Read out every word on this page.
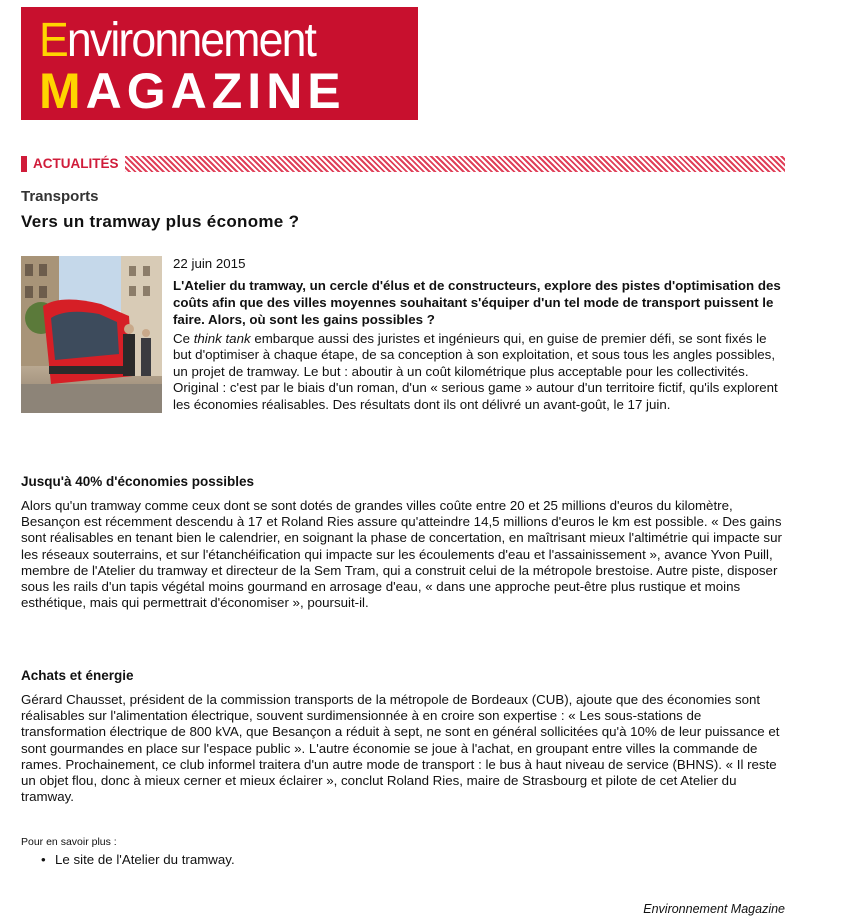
Environnement
MAGAZINE
ACTUALITÉS
Transports
Vers un tramway plus économe ?

22 juin 2015

L'Atelier du tramway, un cercle d'élus et de constructeurs, explore des pistes d'optimisation des coûts afin que des villes moyennes souhaitant s'équiper d'un tel mode de transport puissent le faire. Alors, où sont les gains possibles ?

Ce think tank embarque aussi des juristes et ingénieurs qui, en guise de premier défi, se sont fixés le but d'optimiser à chaque étape, de sa conception à son exploitation, et sous tous les angles possibles, un projet de tramway. Le but : aboutir à un coût kilométrique plus acceptable pour les collectivités. Original : c'est par le biais d'un roman, d'un « serious game » autour d'un territoire fictif, qu'ils explorent les économies réalisables. Des résultats dont ils ont délivré un avant-goût, le 17 juin.

Jusqu'à 40% d'économies possibles

Alors qu'un tramway comme ceux dont se sont dotés de grandes villes coûte entre 20 et 25 millions d'euros du kilomètre, Besançon est récemment descendu à 17 et Roland Ries assure qu'atteindre 14,5 millions d'euros le km est possible. « Des gains sont réalisables en tenant bien le calendrier, en soignant la phase de concertation, en maîtrisant mieux l'altimétrie qui impacte sur les réseaux souterrains, et sur l'étanchéification qui impacte sur les écoulements d'eau et l'assainissement », avance Yvon Puill, membre de l'Atelier du tramway et directeur de la Sem Tram, qui a construit celui de la métropole brestoise. Autre piste, disposer sous les rails d'un tapis végétal moins gourmand en arrosage d'eau, « dans une approche peut-être plus rustique et moins esthétique, mais qui permettrait d'économiser », poursuit-il.

Achats et énergie

Gérard Chausset, président de la commission transports de la métropole de Bordeaux (CUB), ajoute que des économies sont réalisables sur l'alimentation électrique, souvent surdimensionnée à en croire son expertise : « Les sous-stations de transformation électrique de 800 kVA, que Besançon a réduit à sept, ne sont en général sollicitées qu'à 10% de leur puissance et sont gourmandes en place sur l'espace public ». L'autre économie se joue à l'achat, en groupant entre villes la commande de rames. Prochainement, ce club informel traitera d'un autre mode de transport : le bus à haut niveau de service (BHNS). « Il reste un objet flou, donc à mieux cerner et mieux éclairer », conclut Roland Ries, maire de Strasbourg et pilote de cet Atelier du tramway.

Pour en savoir plus :
• Le site de l'Atelier du tramway.
Environnement Magazine
